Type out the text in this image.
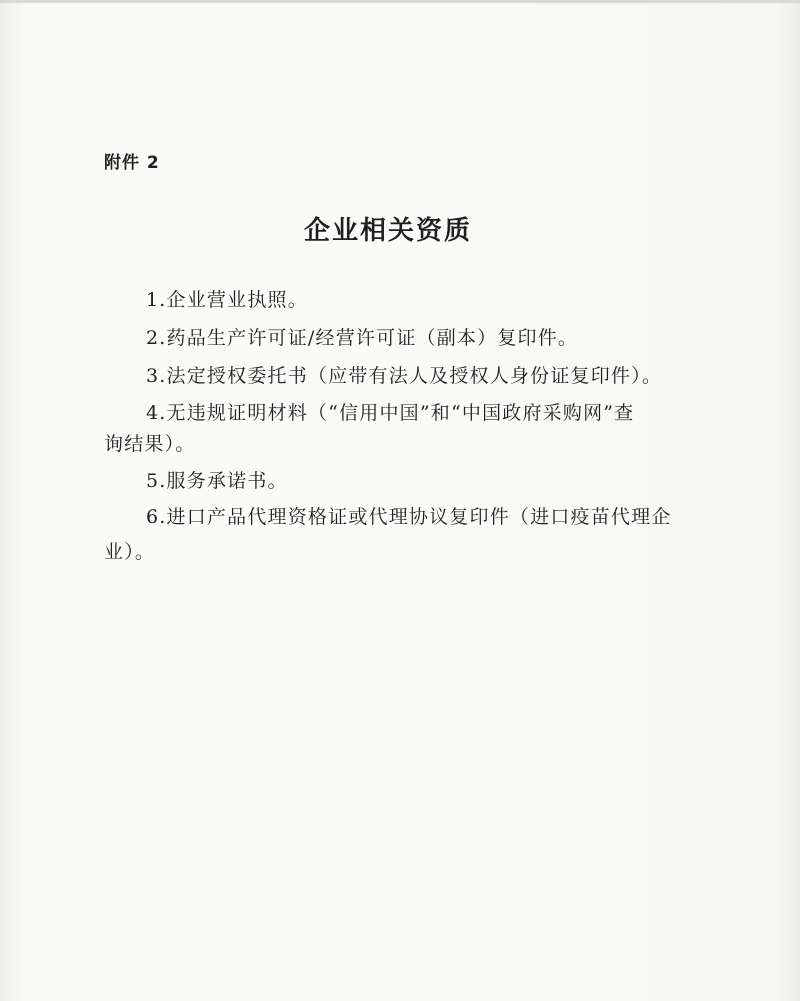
附件 2
企业相关资质
1.企业营业执照。
2.药品生产许可证/经营许可证（副本）复印件。
3.法定授权委托书（应带有法人及授权人身份证复印件）。
4.无违规证明材料（“信用中国”和“中国政府采购网”查
询结果）。
5.服务承诺书。
6.进口产品代理资格证或代理协议复印件（进口疫苗代理企
业）。
